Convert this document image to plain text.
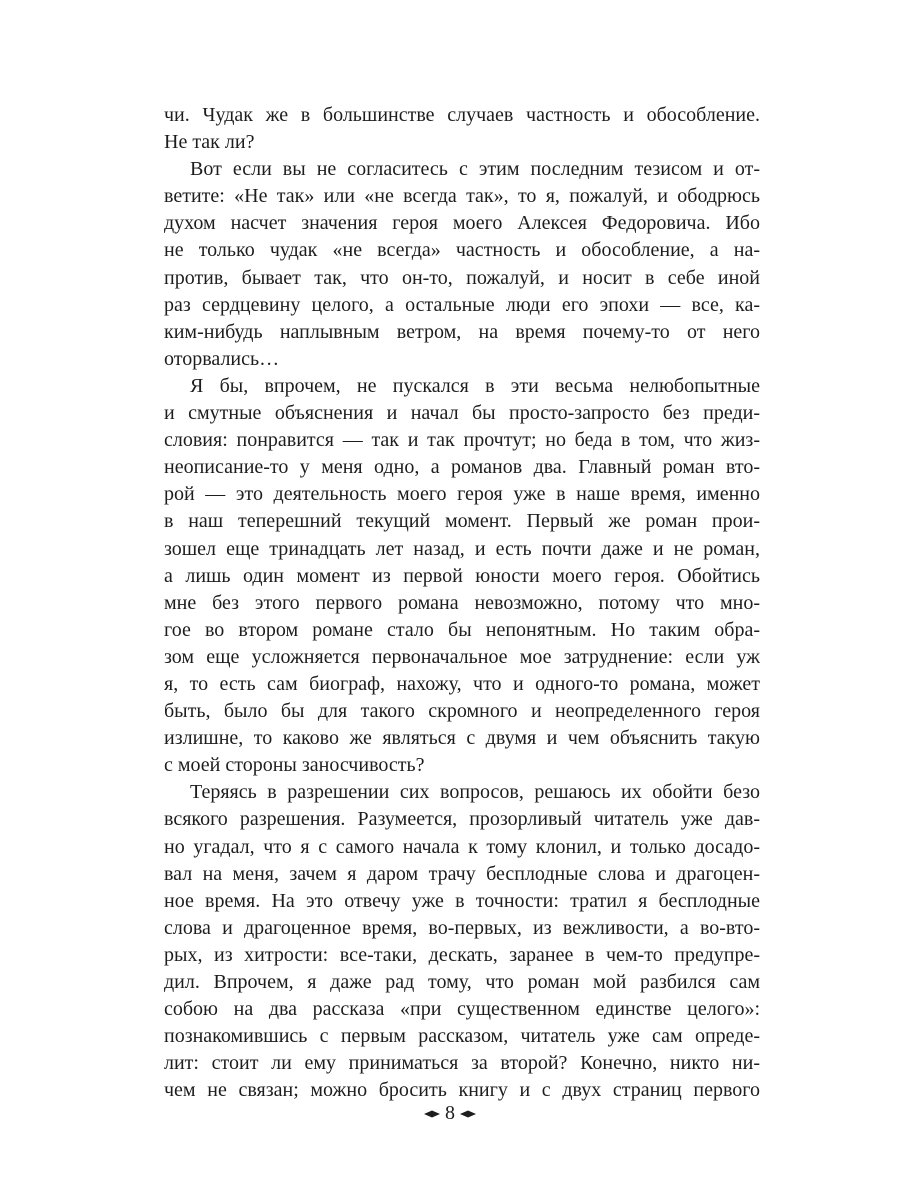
чи. Чудак же в большинстве случаев частность и обособление.
Не так ли?
Вот если вы не согласитесь с этим последним тезисом и от-
ветите: «Не так» или «не всегда так», то я, пожалуй, и ободрюсь
духом насчет значения героя моего Алексея Федоровича. Ибо
не только чудак «не всегда» частность и обособление, а на-
против, бывает так, что он-то, пожалуй, и носит в себе иной
раз сердцевину целого, а остальные люди его эпохи — все, ка-
ким-нибудь наплывным ветром, на время почему-то от него
оторвались…
Я бы, впрочем, не пускался в эти весьма нелюбопытные
и смутные объяснения и начал бы просто-запросто без преди-
словия: понравится — так и так прочтут; но беда в том, что жиз-
неописание-то у меня одно, а романов два. Главный роман вто-
рой — это деятельность моего героя уже в наше время, именно
в наш теперешний текущий момент. Первый же роман прои-
зошел еще тринадцать лет назад, и есть почти даже и не роман,
а лишь один момент из первой юности моего героя. Обойтись
мне без этого первого романа невозможно, потому что мно-
гое во втором романе стало бы непонятным. Но таким обра-
зом еще усложняется первоначальное мое затруднение: если уж
я, то есть сам биограф, нахожу, что и одного-то романа, может
быть, было бы для такого скромного и неопределенного героя
излишне, то каково же являться с двумя и чем объяснить такую
с моей стороны заносчивость?
Теряясь в разрешении сих вопросов, решаюсь их обойти безо
всякого разрешения. Разумеется, прозорливый читатель уже дав-
но угадал, что я с самого начала к тому клонил, и только досадо-
вал на меня, зачем я даром трачу бесплодные слова и драгоцен-
ное время. На это отвечу уже в точности: тратил я бесплодные
слова и драгоценное время, во-первых, из вежливости, а во-вто-
рых, из хитрости: все-таки, дескать, заранее в чем-то предупре-
дил. Впрочем, я даже рад тому, что роман мой разбился сам
собою на два рассказа «при существенном единстве целого»:
познакомившись с первым рассказом, читатель уже сам опреде-
лит: стоит ли ему приниматься за второй? Конечно, никто ни-
чем не связан; можно бросить книгу и с двух страниц первого
8
